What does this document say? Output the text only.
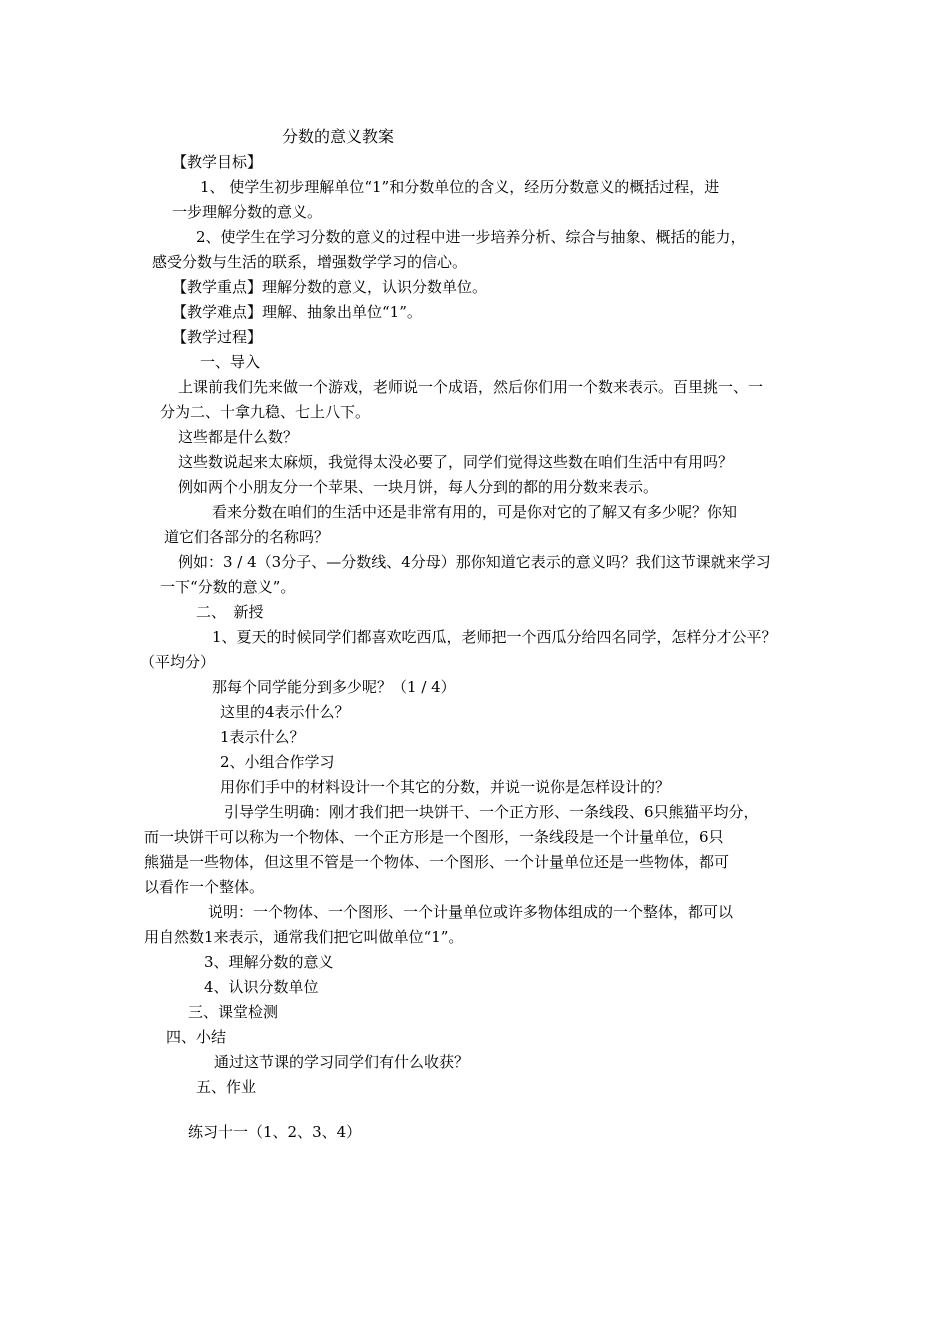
分数的意义教案
【教学目标】
1、 使学生初步理解单位“1”和分数单位的含义，经历分数意义的概括过程，进
一步理解分数的意义。
2、使学生在学习分数的意义的过程中进一步培养分析、综合与抽象、概括的能力，
感受分数与生活的联系，增强数学学习的信心。
【教学重点】理解分数的意义，认识分数单位。
【教学难点】理解、抽象出单位“1”。
【教学过程】
一、导入
上课前我们先来做一个游戏，老师说一个成语，然后你们用一个数来表示。百里挑一、一
分为二、十拿九稳、七上八下。
这些都是什么数？
这些数说起来太麻烦，我觉得太没必要了，同学们觉得这些数在咱们生活中有用吗？
例如两个小朋友分一个苹果、一块月饼，每人分到的都的用分数来表示。
看来分数在咱们的生活中还是非常有用的，可是你对它的了解又有多少呢？你知
道它们各部分的名称吗？
例如：3 / 4（3分子、—分数线、4分母）那你知道它表示的意义吗？我们这节课就来学习
一下“分数的意义”。
二、　新授
1、夏天的时候同学们都喜欢吃西瓜，老师把一个西瓜分给四名同学，怎样分才公平？
（平均分）
那每个同学能分到多少呢？（1 / 4）
这里的4表示什么？
1表示什么？
2、小组合作学习
用你们手中的材料设计一个其它的分数，并说一说你是怎样设计的？
引导学生明确：刚才我们把一块饼干、一个正方形、一条线段、6只熊猫平均分，
而一块饼干可以称为一个物体、一个正方形是一个图形，一条线段是一个计量单位，6只
熊猫是一些物体，但这里不管是一个物体、一个图形、一个计量单位还是一些物体，都可
以看作一个整体。
说明：一个物体、一个图形、一个计量单位或许多物体组成的一个整体，都可以
用自然数1来表示，通常我们把它叫做单位“1”。
3、理解分数的意义
4、认识分数单位
三、课堂检测
四、小结
通过这节课的学习同学们有什么收获？
五、作业
练习十一（1、2、3、4）
